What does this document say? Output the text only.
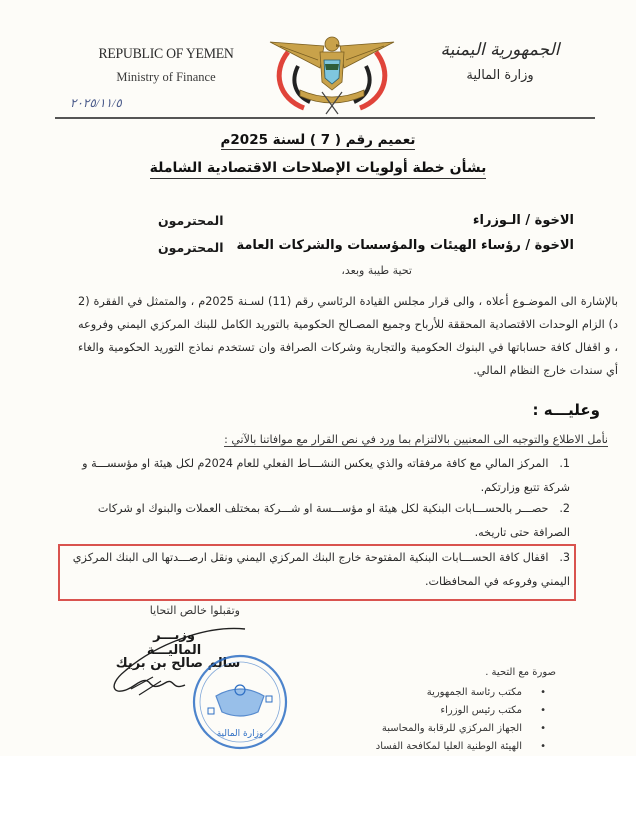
REPUBLIC OF YEMEN
Ministry of Finance
الجمهورية اليمنية
وزارة المالية
٢٠٢٥/١١/٥
تعميم رقم ( 7 ) لسنة 2025م
بشأن خطة أولويات الإصلاحات الاقتصادية الشاملة
الاخوة / الـوزراء
المحترمون
الاخوة / رؤساء الهيئات والمؤسسات والشركات العامة
المحترمون
تحية طيبة وبعد،
بالإشارة الى الموضـوع أعلاه ، والى قرار مجلس القيادة الرئاسي رقم (11) لسـنة 2025م ، والمتمثل في الفقرة (2 د) الزام الوحدات الاقتصادية المحققة للأرباح وجميع المصـالح الحكومية بالتوريد الكامل للبنك المركزي اليمني وفروعه ، و اقفال كافة حساباتها في البنوك الحكومية والتجارية وشركات الصرافة وان تستخدم نماذج التوريد الحكومية والغاء أي سندات خارج النظام المالي.
وعليـــه :
نأمل الاطلاع والتوجيه الى المعنيين بالالتزام بما ورد في نص القرار مع موافاتنا بالآتي :
1. المركز المالي مع كافة مرفقاته والذي يعكس النشـــاط الفعلي للعام 2024م لكل هيئة او مؤسســـة و شركة تتبع وزارتكم.
2. حصـــر بالحســـابات البنكية لكل هيئة او مؤســـسة او شـــركة بمختلف العملات والبنوك او شركات الصرافة حتى تاريخه.
3. اقفال كافة الحســـابات البنكية المفتوحة خارج البنك المركزي اليمني ونقل ارصـــدتها الى البنك المركزي اليمني وفروعه في المحافظات.
وتقبلوا خالص التحايا
وزيـــر الماليـــة
سالم صالح بن بريك
وزارة المالية
صورة مع التحية .
•
مكتب رئاسة الجمهورية
•
مكتب رئيس الوزراء
•
الجهاز المركزي للرقابة والمحاسبة
•
الهيئة الوطنية العليا لمكافحة الفساد
